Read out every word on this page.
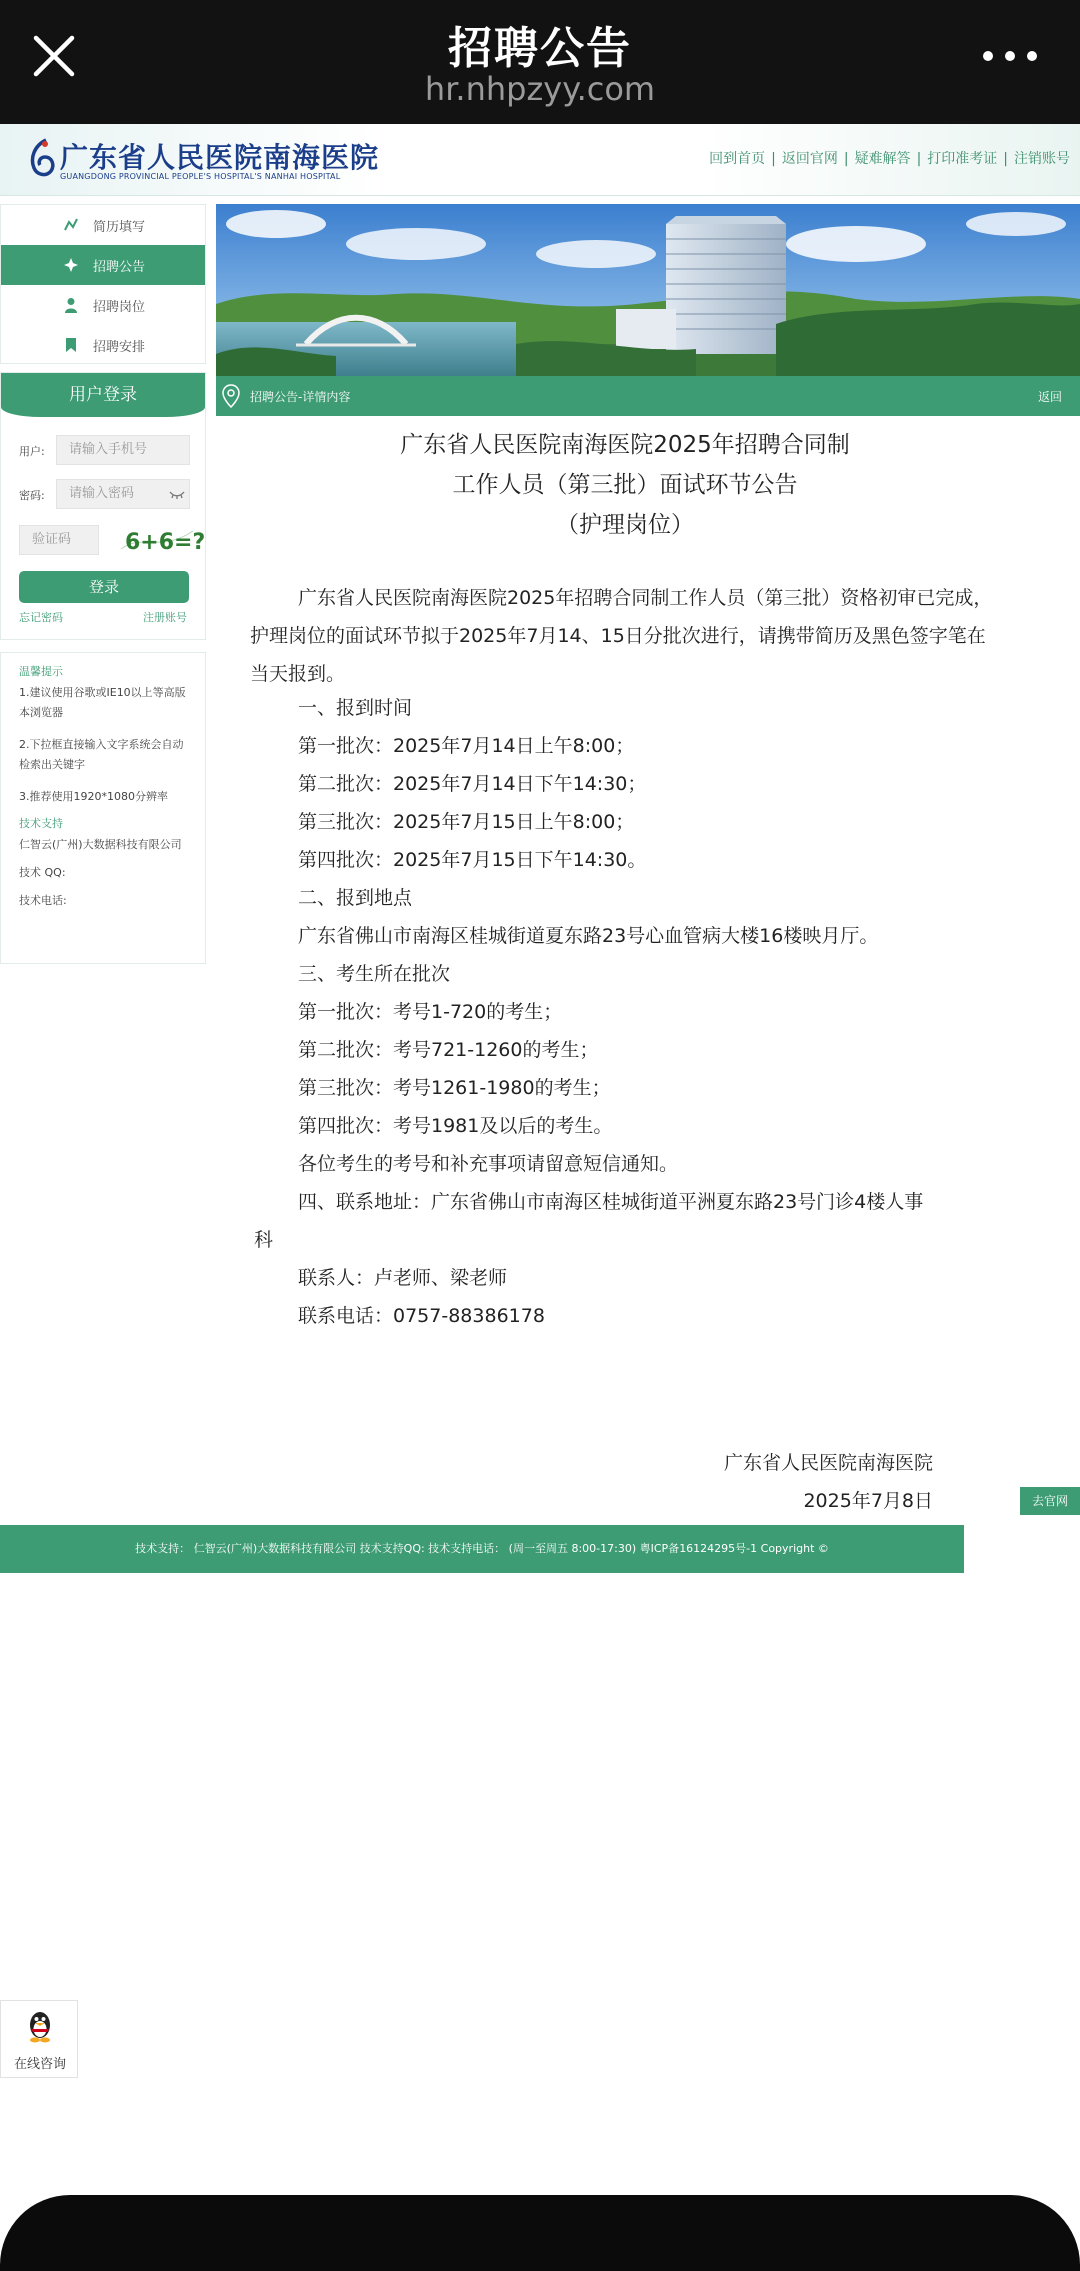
招聘公告
hr.nhpzyy.com
广东省人民医院南海医院
GUANGDONG PROVINCIAL PEOPLE'S HOSPITAL'S NANHAI HOSPITAL
回到首页 | 返回官网 | 疑难解答 | 打印准考证 | 注销账号
简历填写
招聘公告
招聘岗位
招聘安排
用户登录
用户:	请输入手机号
密码:	请输入密码
验证码	6+6=?
登录
忘记密码	注册账号
温馨提示
1.建议使用谷歌或IE10以上等高版本浏览器
2.下拉框直接输入文字系统会自动检索出关键字
3.推荐使用1920*1080分辨率
技术支持
仁智云(广州)大数据科技有限公司
技术 QQ:
技术电话:
招聘公告-详情内容	返回
广东省人民医院南海医院2025年招聘合同制
工作人员（第三批）面试环节公告
（护理岗位）
广东省人民医院南海医院2025年招聘合同制工作人员（第三批）资格初审已完成，护理岗位的面试环节拟于2025年7月14、15日分批次进行，请携带简历及黑色签字笔在当天报到。
一、报到时间
第一批次：2025年7月14日上午8:00；
第二批次：2025年7月14日下午14:30；
第三批次：2025年7月15日上午8:00；
第四批次：2025年7月15日下午14:30。
二、报到地点
广东省佛山市南海区桂城街道夏东路23号心血管病大楼16楼映月厅。
三、考生所在批次
第一批次：考号1-720的考生；
第二批次：考号721-1260的考生；
第三批次：考号1261-1980的考生；
第四批次：考号1981及以后的考生。
各位考生的考号和补充事项请留意短信通知。
四、联系地址：广东省佛山市南海区桂城街道平洲夏东路23号门诊4楼人事
科
联系人：卢老师、梁老师
联系电话：0757-88386178
广东省人民医院南海医院
2025年7月8日	去官网
技术支持： 仁智云(广州)大数据科技有限公司 技术支持QQ: 技术支持电话： (周一至周五 8:00-17:30) 粤ICP备16124295号-1 Copyright ©
在线咨询
